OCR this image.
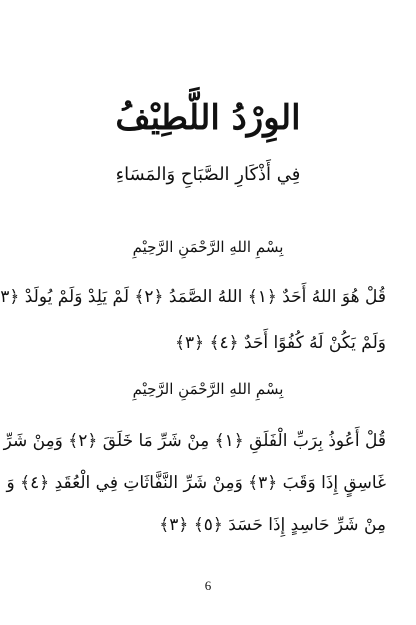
الوِرْدُ اللَّطِيْفُ
فِي أَذْكَارِ الصَّبَاحِ وَالمَسَاءِ
بِسْمِ اللهِ الرَّحْمَنِ الرَّحِيْمِ
قُلْ هُوَ اللهُ أَحَدٌ ﴿١﴾ اللهُ الصَّمَدُ ﴿٢﴾ لَمْ يَلِدْ وَلَمْ يُولَدْ ﴿٣
وَلَمْ يَكُنْ لَهُ كُفُوًا أَحَدٌ ﴿٤﴾ ﴿٣﴾
بِسْمِ اللهِ الرَّحْمَنِ الرَّحِيْمِ
قُلْ أَعُوذُ بِرَبِّ الْفَلَقِ ﴿١﴾ مِنْ شَرِّ مَا خَلَقَ ﴿٢﴾ وَمِنْ شَرِّ
غَاسِقٍ إِذَا وَقَبَ ﴿٣﴾ وَمِنْ شَرِّ النَّفَّاثَاتِ فِي الْعُقَدِ ﴿٤﴾ وَ
مِنْ شَرِّ حَاسِدٍ إِذَا حَسَدَ ﴿٥﴾ ﴿٣﴾
6
